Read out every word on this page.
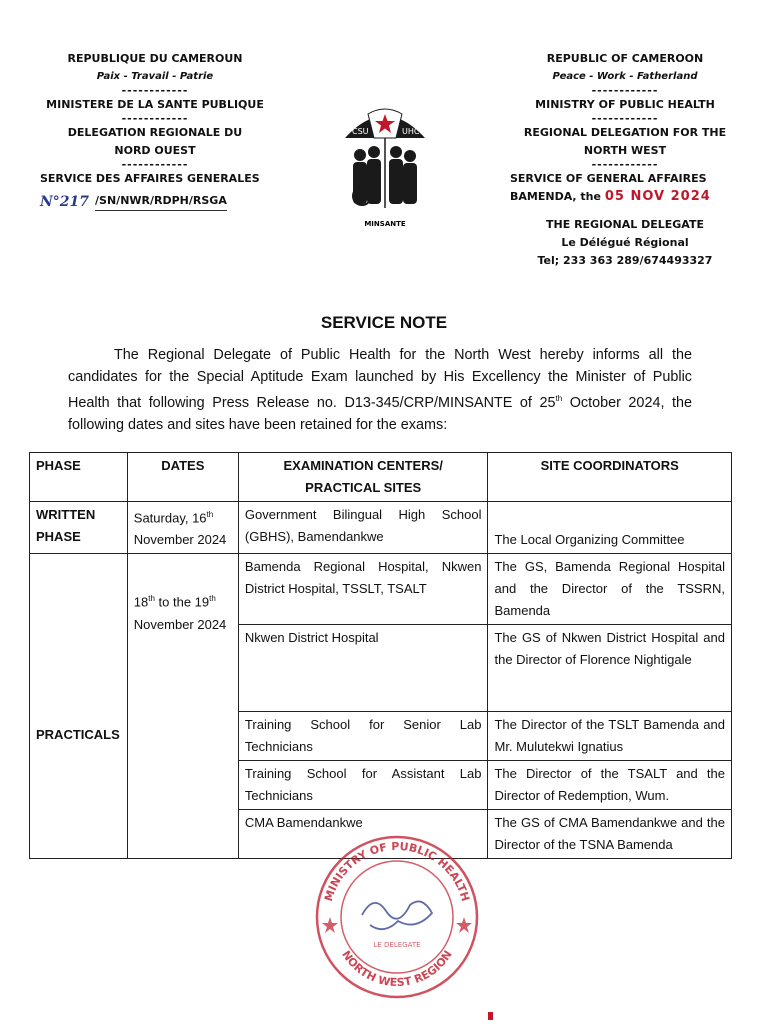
REPUBLIQUE DU CAMEROUN
Paix - Travail - Patrie
------------
MINISTERE DE LA SANTE PUBLIQUE
------------
DELEGATION REGIONALE DU
NORD OUEST
------------
SERVICE DES AFFAIRES GENERALES
N°217 /SN/NWR/RDPH/RSGA
CSU	UHC
MINSANTE
REPUBLIC OF CAMEROON
Peace - Work - Fatherland
------------
MINISTRY OF PUBLIC HEALTH
------------
REGIONAL DELEGATION FOR THE
NORTH WEST
------------
SERVICE OF GENERAL AFFAIRES
BAMENDA, the 05 NOV 2024
THE REGIONAL DELEGATE
Le Délégué Régional
Tel; 233 363 289/674493327
SERVICE NOTE

The Regional Delegate of Public Health for the North West hereby informs all the candidates for the Special Aptitude Exam launched by His Excellency the Minister of Public Health that following Press Release no. D13-345/CRP/MINSANTE of 25th October 2024, the following dates and sites have been retained for the exams:

PHASE	DATES	EXAMINATION CENTERS/ PRACTICAL SITES	SITE COORDINATORS
WRITTEN PHASE	Saturday, 16th November 2024	Government Bilingual High School (GBHS), Bamendankwe	The Local Organizing Committee
PRACTICALS	18th to the 19th November 2024	Bamenda Regional Hospital, Nkwen District Hospital, TSSLT, TSALT	The GS, Bamenda Regional Hospital and the Director of the TSSRN, Bamenda
		Nkwen District Hospital	The GS of Nkwen District Hospital and the Director of Florence Nightigale
		Training School for Senior Lab Technicians	The Director of the TSLT Bamenda and Mr. Mulutekwi Ignatius
		Training School for Assistant Lab Technicians	The Director of the TSALT and the Director of Redemption, Wum.
		CMA Bamendankwe	The GS of CMA Bamendankwe and the Director of the TSNA Bamenda
MINISTRY OF PUBLIC HEALTH
NORTH WEST REGION
LE DELEGATE
